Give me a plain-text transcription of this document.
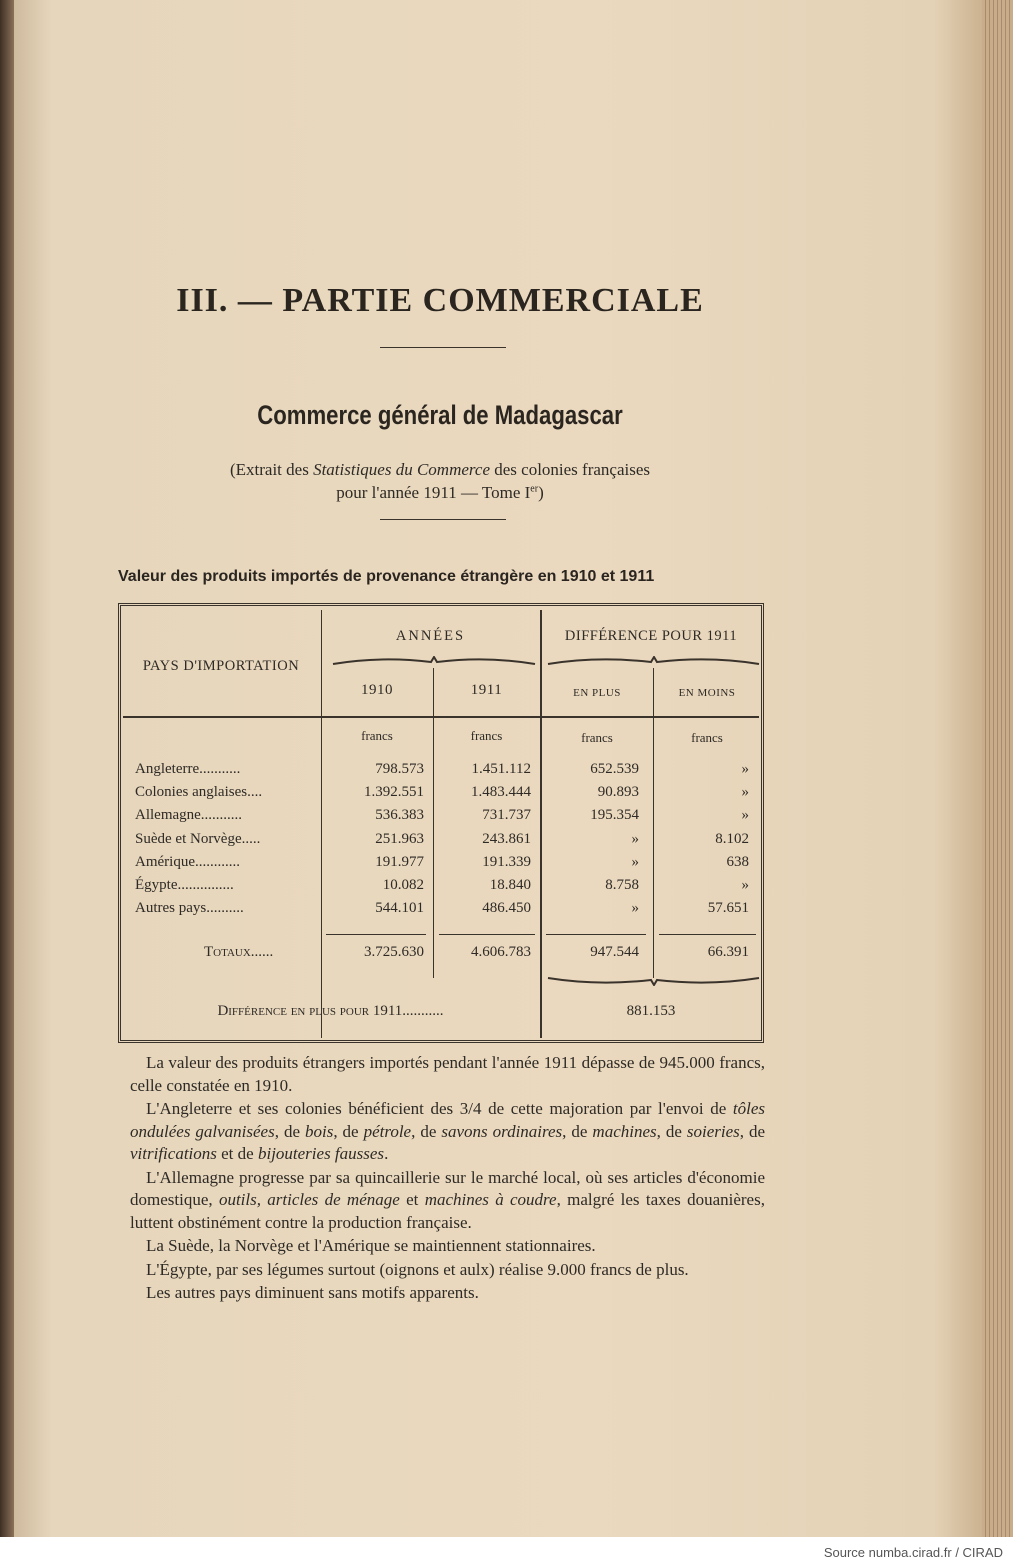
III. — PARTIE COMMERCIALE
Commerce général de Madagascar
(Extrait des Statistiques du Commerce des colonies françaises
pour l'année 1911 — Tome Ier)
Valeur des produits importés de provenance étrangère en 1910 et 1911
PAYS D'IMPORTATION
ANNÉES	DIFFÉRENCE POUR 1911
1910	1911	EN PLUS	EN MOINS
francs	francs	francs	francs
Angleterre...........	798.573	1.451.112	652.539	»
Colonies anglaises....	1.392.551	1.483.444	90.893	»
Allemagne...........	536.383	731.737	195.354	»
Suède et Norvège.....	251.963	243.861	»	8.102
Amérique............	191.977	191.339	»	638
Égypte...............	10.082	18.840	8.758	»
Autres pays..........	544.101	486.450	»	57.651
Totaux......	3.725.630	4.606.783	947.544	66.391
Différence en plus pour 1911...........	881.153

La valeur des produits étrangers importés pendant l'année 1911 dépasse de 945.000 francs, celle constatée en 1910.

L'Angleterre et ses colonies bénéficient des 3/4 de cette majoration par l'envoi de tôles ondulées galvanisées, de bois, de pétrole, de savons ordinaires, de machines, de soieries, de vitrifications et de bijouteries fausses.

L'Allemagne progresse par sa quincaillerie sur le marché local, où ses articles d'économie domestique, outils, articles de ménage et machines à coudre, malgré les taxes douanières, luttent obstinément contre la production française.

La Suède, la Norvège et l'Amérique se maintiennent stationnaires.

L'Égypte, par ses légumes surtout (oignons et aulx) réalise 9.000 francs de plus.

Les autres pays diminuent sans motifs apparents.

Source numba.cirad.fr / CIRAD
